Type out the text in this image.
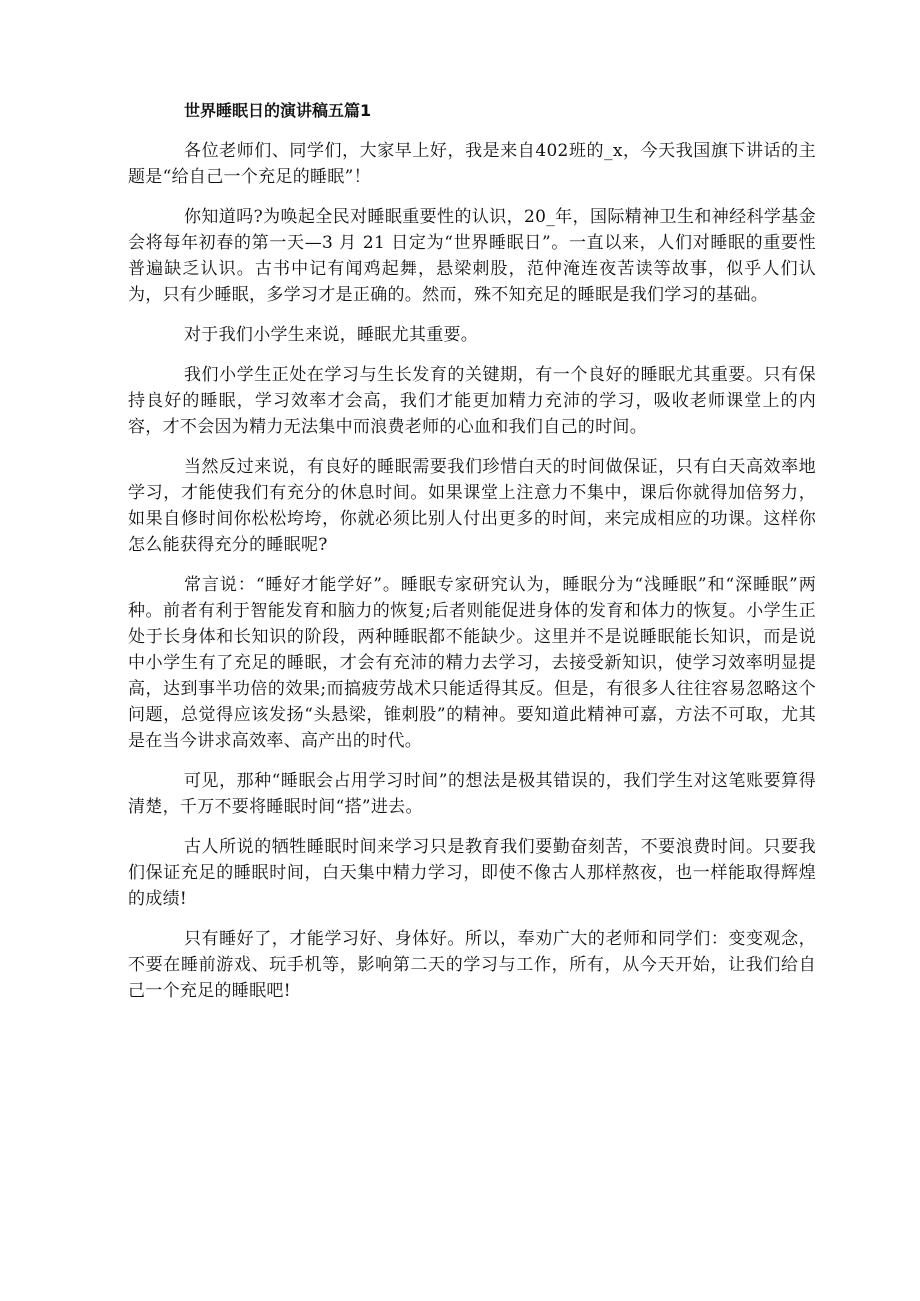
世界睡眠日的演讲稿五篇1

各位老师们、同学们，大家早上好，我是来自402班的_x，今天我国旗下讲话的主题是“给自己一个充足的睡眠”！

你知道吗?为唤起全民对睡眠重要性的认识，20_年，国际精神卫生和神经科学基金会将每年初春的第一天—3 月 21 日定为“世界睡眠日”。一直以来，人们对睡眠的重要性普遍缺乏认识。古书中记有闻鸡起舞，悬梁刺股，范仲淹连夜苦读等故事，似乎人们认为，只有少睡眠，多学习才是正确的。然而，殊不知充足的睡眠是我们学习的基础。

对于我们小学生来说，睡眠尤其重要。

我们小学生正处在学习与生长发育的关键期，有一个良好的睡眠尤其重要。只有保持良好的睡眠，学习效率才会高，我们才能更加精力充沛的学习，吸收老师课堂上的内容，才不会因为精力无法集中而浪费老师的心血和我们自己的时间。

当然反过来说，有良好的睡眠需要我们珍惜白天的时间做保证，只有白天高效率地学习，才能使我们有充分的休息时间。如果课堂上注意力不集中，课后你就得加倍努力，如果自修时间你松松垮垮，你就必须比别人付出更多的时间，来完成相应的功课。这样你怎么能获得充分的睡眠呢?

常言说：“睡好才能学好”。睡眠专家研究认为，睡眠分为“浅睡眠”和“深睡眠”两种。前者有利于智能发育和脑力的恢复;后者则能促进身体的发育和体力的恢复。小学生正处于长身体和长知识的阶段，两种睡眠都不能缺少。这里并不是说睡眠能长知识，而是说中小学生有了充足的睡眠，才会有充沛的精力去学习，去接受新知识，使学习效率明显提高，达到事半功倍的效果;而搞疲劳战术只能适得其反。但是，有很多人往往容易忽略这个问题，总觉得应该发扬“头悬梁，锥刺股”的精神。要知道此精神可嘉，方法不可取，尤其是在当今讲求高效率、高产出的时代。

可见，那种“睡眠会占用学习时间”的想法是极其错误的，我们学生对这笔账要算得清楚，千万不要将睡眠时间“搭”进去。

古人所说的牺牲睡眠时间来学习只是教育我们要勤奋刻苦，不要浪费时间。只要我们保证充足的睡眠时间，白天集中精力学习，即使不像古人那样熬夜，也一样能取得辉煌的成绩!

只有睡好了，才能学习好、身体好。所以，奉劝广大的老师和同学们：变变观念，不要在睡前游戏、玩手机等，影响第二天的学习与工作，所有，从今天开始，让我们给自己一个充足的睡眠吧!
